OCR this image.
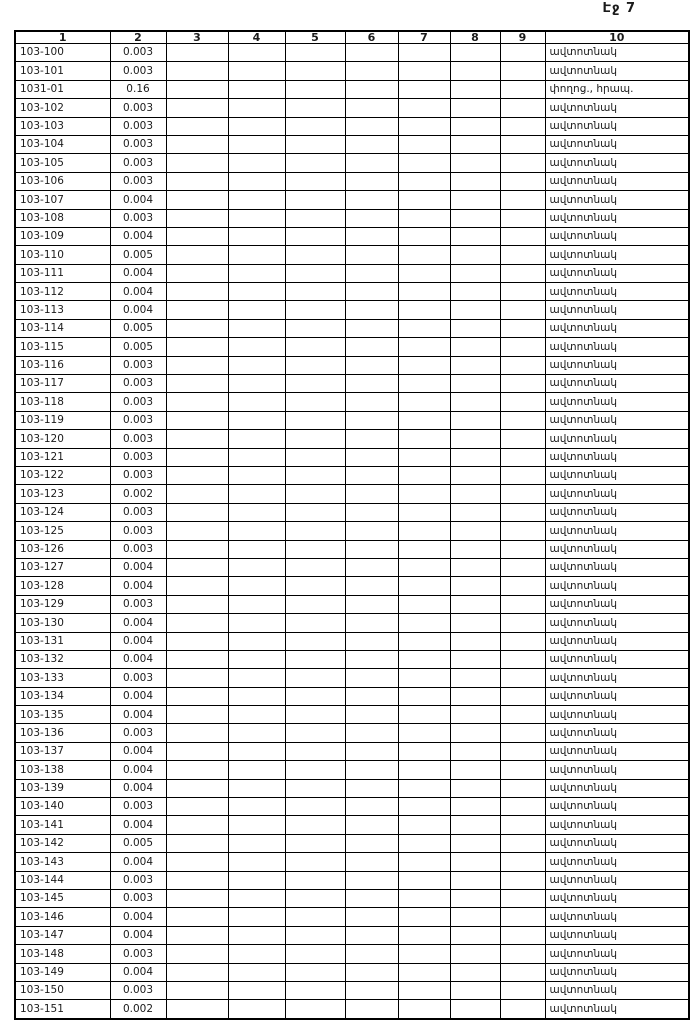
Էջ 7
1	2	3	4	5	6	7	8	9	10
103-100	0.003								ավտոտնակ
103-101	0.003								ավտոտնակ
1031-01	0.16								փողոց., հրապ.
103-102	0.003								ավտոտնակ
103-103	0.003								ավտոտնակ
103-104	0.003								ավտոտնակ
103-105	0.003								ավտոտնակ
103-106	0.003								ավտոտնակ
103-107	0.004								ավտոտնակ
103-108	0.003								ավտոտնակ
103-109	0.004								ավտոտնակ
103-110	0.005								ավտոտնակ
103-111	0.004								ավտոտնակ
103-112	0.004								ավտոտնակ
103-113	0.004								ավտոտնակ
103-114	0.005								ավտոտնակ
103-115	0.005								ավտոտնակ
103-116	0.003								ավտոտնակ
103-117	0.003								ավտոտնակ
103-118	0.003								ավտոտնակ
103-119	0.003								ավտոտնակ
103-120	0.003								ավտոտնակ
103-121	0.003								ավտոտնակ
103-122	0.003								ավտոտնակ
103-123	0.002								ավտոտնակ
103-124	0.003								ավտոտնակ
103-125	0.003								ավտոտնակ
103-126	0.003								ավտոտնակ
103-127	0.004								ավտոտնակ
103-128	0.004								ավտոտնակ
103-129	0.003								ավտոտնակ
103-130	0.004								ավտոտնակ
103-131	0.004								ավտոտնակ
103-132	0.004								ավտոտնակ
103-133	0.003								ավտոտնակ
103-134	0.004								ավտոտնակ
103-135	0.004								ավտոտնակ
103-136	0.003								ավտոտնակ
103-137	0.004								ավտոտնակ
103-138	0.004								ավտոտնակ
103-139	0.004								ավտոտնակ
103-140	0.003								ավտոտնակ
103-141	0.004								ավտոտնակ
103-142	0.005								ավտոտնակ
103-143	0.004								ավտոտնակ
103-144	0.003								ավտոտնակ
103-145	0.003								ավտոտնակ
103-146	0.004								ավտոտնակ
103-147	0.004								ավտոտնակ
103-148	0.003								ավտոտնակ
103-149	0.004								ավտոտնակ
103-150	0.003								ավտոտնակ
103-151	0.002								ավտոտնակ
